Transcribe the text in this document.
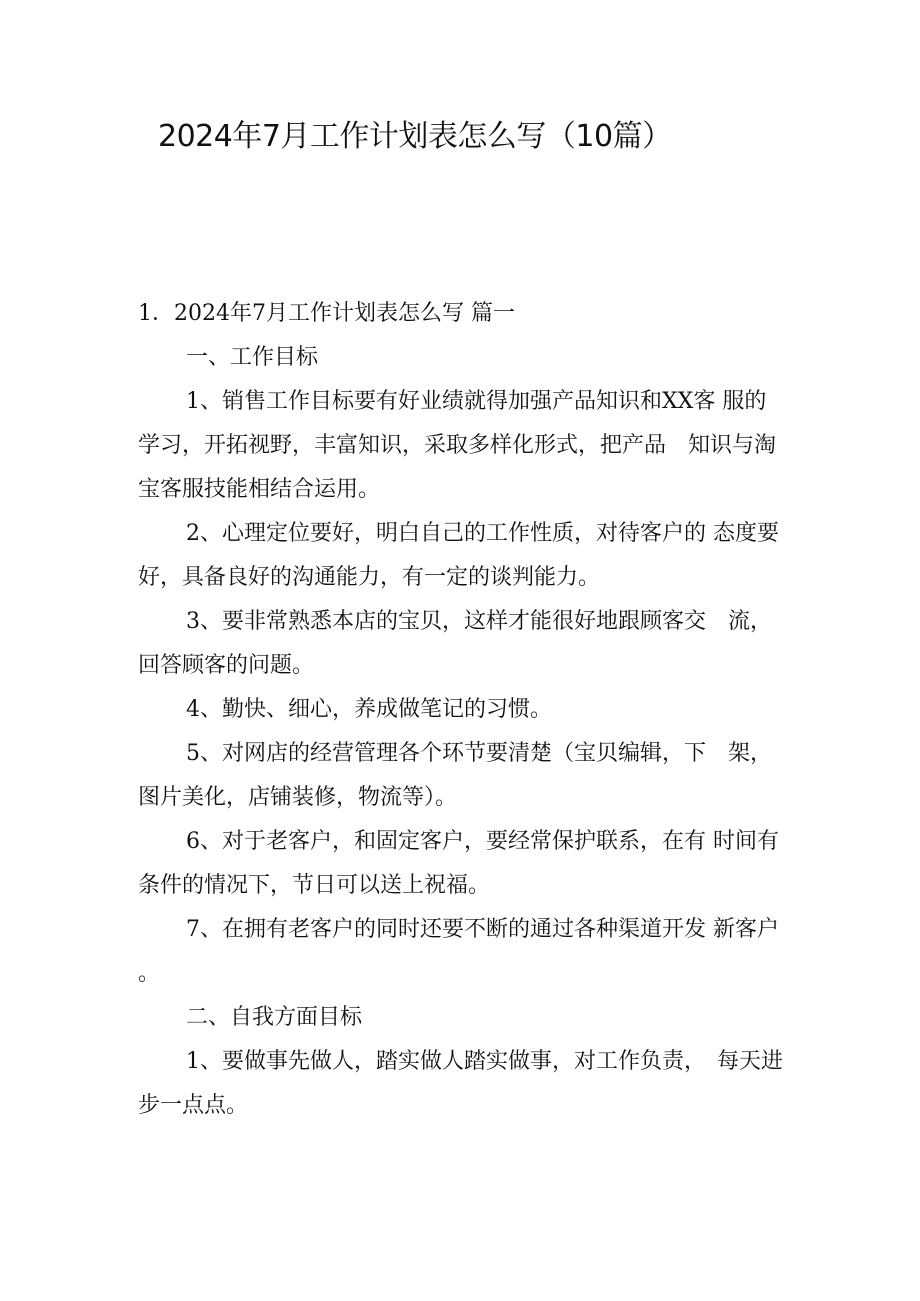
2024年7月工作计划表怎么写（10篇）

1．2024年7月工作计划表怎么写 篇一

一、工作目标

1、销售工作目标要有好业绩就得加强产品知识和XX客 服的学习，开拓视野，丰富知识，采取多样化形式，把产品　知识与淘宝客服技能相结合运用。

2、心理定位要好，明白自己的工作性质，对待客户的 态度要好，具备良好的沟通能力，有一定的谈判能力。

3、要非常熟悉本店的宝贝，这样才能很好地跟顾客交　流，回答顾客的问题。

4、勤快、细心，养成做笔记的习惯。

5、对网店的经营管理各个环节要清楚（宝贝编辑，下　架，图片美化，店铺装修，物流等）。

6、对于老客户，和固定客户，要经常保护联系，在有 时间有条件的情况下，节日可以送上祝福。

7、在拥有老客户的同时还要不断的通过各种渠道开发 新客户。

二、自我方面目标

1、要做事先做人，踏实做人踏实做事，对工作负责，　每天进步一点点。
